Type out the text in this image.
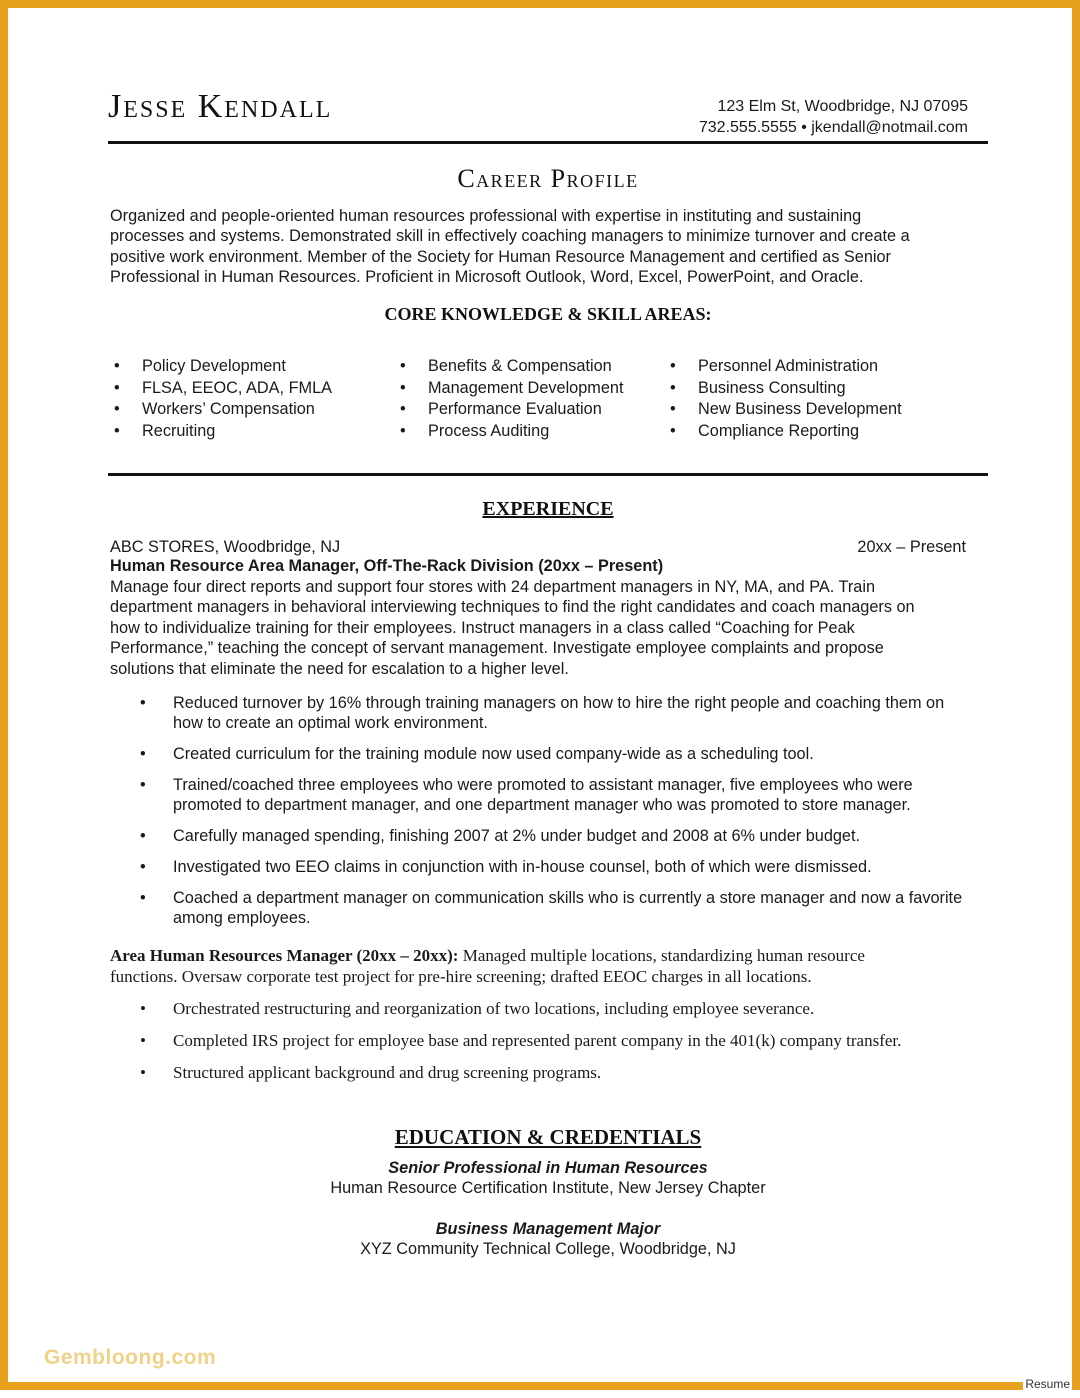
Jesse Kendall	123 Elm St, Woodbridge, NJ 07095
732.555.5555 • jkendall@notmail.com
Career Profile
Organized and people-oriented human resources professional with expertise in instituting and sustaining
processes and systems. Demonstrated skill in effectively coaching managers to minimize turnover and create a
positive work environment. Member of the Society for Human Resource Management and certified as Senior
Professional in Human Resources. Proficient in Microsoft Outlook, Word, Excel, PowerPoint, and Oracle.
CORE KNOWLEDGE & SKILL AREAS:
• Policy Development
• FLSA, EEOC, ADA, FMLA
• Workers’ Compensation
• Recruiting
• Benefits & Compensation
• Management Development
• Performance Evaluation
• Process Auditing
• Personnel Administration
• Business Consulting
• New Business Development
• Compliance Reporting
EXPERIENCE
ABC STORES, Woodbridge, NJ	20xx – Present
Human Resource Area Manager, Off-The-Rack Division (20xx – Present)
Manage four direct reports and support four stores with 24 department managers in NY, MA, and PA. Train
department managers in behavioral interviewing techniques to find the right candidates and coach managers on
how to individualize training for their employees. Instruct managers in a class called “Coaching for Peak
Performance,” teaching the concept of servant management. Investigate employee complaints and propose
solutions that eliminate the need for escalation to a higher level.
• Reduced turnover by 16% through training managers on how to hire the right people and coaching them on how to create an optimal work environment.
• Created curriculum for the training module now used company-wide as a scheduling tool.
• Trained/coached three employees who were promoted to assistant manager, five employees who were promoted to department manager, and one department manager who was promoted to store manager.
• Carefully managed spending, finishing 2007 at 2% under budget and 2008 at 6% under budget.
• Investigated two EEO claims in conjunction with in-house counsel, both of which were dismissed.
• Coached a department manager on communication skills who is currently a store manager and now a favorite among employees.
Area Human Resources Manager (20xx – 20xx): Managed multiple locations, standardizing human resource
functions. Oversaw corporate test project for pre-hire screening; drafted EEOC charges in all locations.
• Orchestrated restructuring and reorganization of two locations, including employee severance.
• Completed IRS project for employee base and represented parent company in the 401(k) company transfer.
• Structured applicant background and drug screening programs.
EDUCATION & CREDENTIALS
Senior Professional in Human Resources
Human Resource Certification Institute, New Jersey Chapter
Business Management Major
XYZ Community Technical College, Woodbridge, NJ
Gembloong.com
Resume
